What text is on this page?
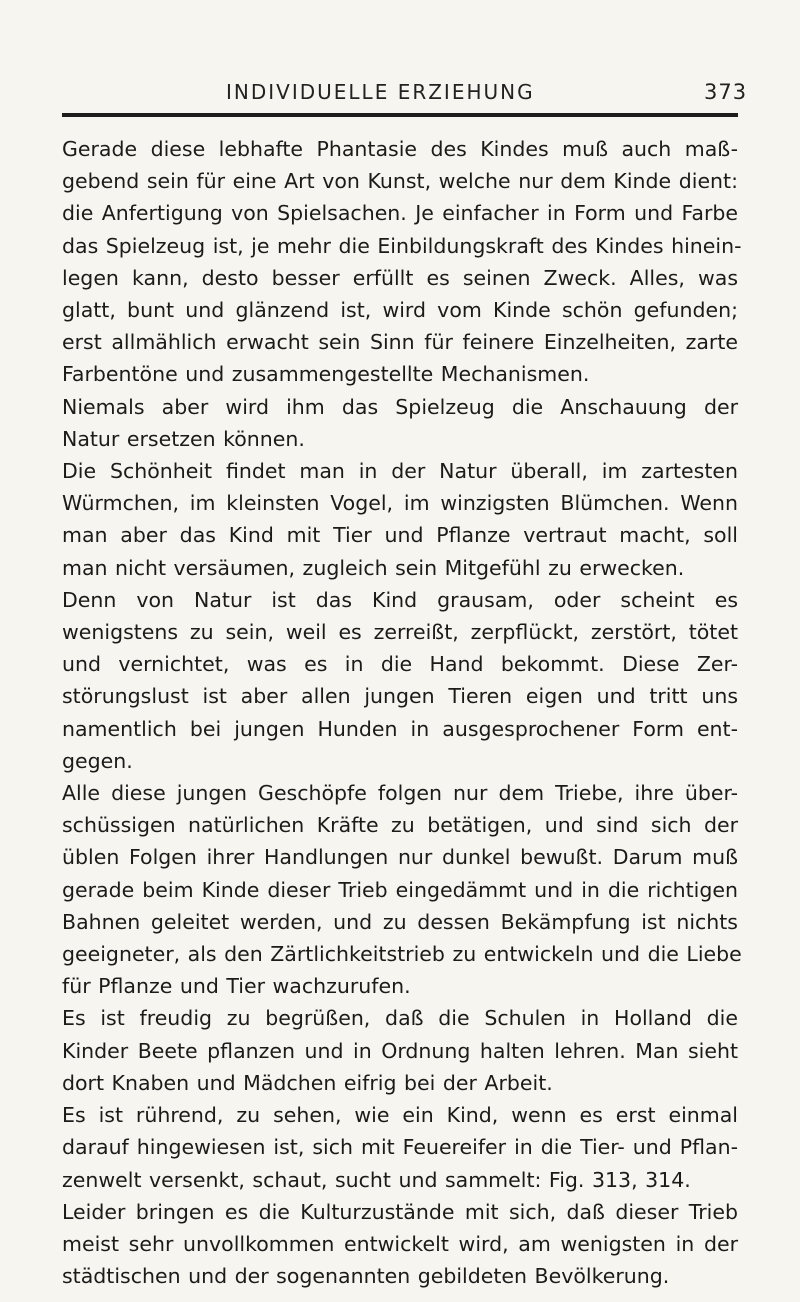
INDIVIDUELLE ERZIEHUNG	373
Gerade diese lebhafte Phantasie des Kindes muß auch maß-
gebend sein für eine Art von Kunst, welche nur dem Kinde dient:
die Anfertigung von Spielsachen. Je einfacher in Form und Farbe
das Spielzeug ist, je mehr die Einbildungskraft des Kindes hinein-
legen kann, desto besser erfüllt es seinen Zweck. Alles, was
glatt, bunt und glänzend ist, wird vom Kinde schön gefunden;
erst allmählich erwacht sein Sinn für feinere Einzelheiten, zarte
Farbentöne und zusammengestellte Mechanismen.
Niemals aber wird ihm das Spielzeug die Anschauung der
Natur ersetzen können.
Die Schönheit findet man in der Natur überall, im zartesten
Würmchen, im kleinsten Vogel, im winzigsten Blümchen. Wenn
man aber das Kind mit Tier und Pflanze vertraut macht, soll
man nicht versäumen, zugleich sein Mitgefühl zu erwecken.
Denn von Natur ist das Kind grausam, oder scheint es
wenigstens zu sein, weil es zerreißt, zerpflückt, zerstört, tötet
und vernichtet, was es in die Hand bekommt. Diese Zer-
störungslust ist aber allen jungen Tieren eigen und tritt uns
namentlich bei jungen Hunden in ausgesprochener Form ent-
gegen.
Alle diese jungen Geschöpfe folgen nur dem Triebe, ihre über-
schüssigen natürlichen Kräfte zu betätigen, und sind sich der
üblen Folgen ihrer Handlungen nur dunkel bewußt. Darum muß
gerade beim Kinde dieser Trieb eingedämmt und in die richtigen
Bahnen geleitet werden, und zu dessen Bekämpfung ist nichts
geeigneter, als den Zärtlichkeitstrieb zu entwickeln und die Liebe
für Pflanze und Tier wachzurufen.
Es ist freudig zu begrüßen, daß die Schulen in Holland die
Kinder Beete pflanzen und in Ordnung halten lehren. Man sieht
dort Knaben und Mädchen eifrig bei der Arbeit.
Es ist rührend, zu sehen, wie ein Kind, wenn es erst einmal
darauf hingewiesen ist, sich mit Feuereifer in die Tier- und Pflan-
zenwelt versenkt, schaut, sucht und sammelt: Fig. 313, 314.
Leider bringen es die Kulturzustände mit sich, daß dieser Trieb
meist sehr unvollkommen entwickelt wird, am wenigsten in der
städtischen und der sogenannten gebildeten Bevölkerung.
